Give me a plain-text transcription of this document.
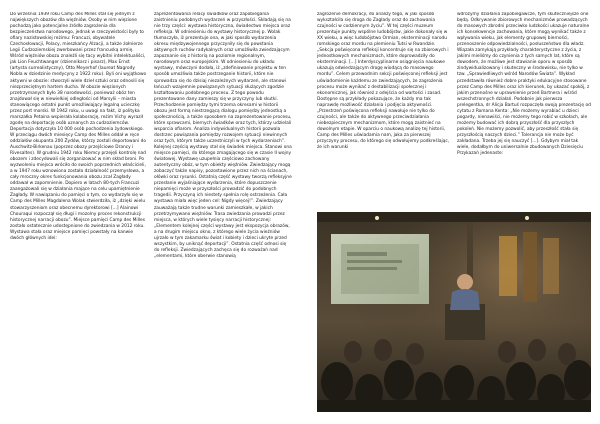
Do września 1939 roku Camp des Milles stał się jednym z największych obozów dla więźniów. Osoby w nim więzione pochodzą jako potencjalne źródło zagrożenia dla bezpieczeństwa narodowego, jednak w rzeczywistości były to ofiary nazistowskiej reżimu: Francuzi, obywatele Czechosłowacji, Polacy, mieszkańcy Alzacji, a także żołnierze Legii Cudzoziemskiej zwerbowani przez francuską armię. Wśród więźniów obozu znaleźli się tacy wybitni intelektualiści, jak Lion Feuchtwanger (dziennikarz i pisarz), Max Ernst (artysta surrealistyczny), Otto Meyerhof (laureat Nagrody Nobla w dziedzinie medycyny z 1922 roku). Byli oni wyjątkowo aktywni w obozie: stworzyli wiele dzieł sztuki oraz odnosili się niezprzeciętnym hartem ducha. W obozie więzionych przetrzymanych było 38 narodowości, ponieważ obóz ten znajdował się w niewielkiej odległości od Marsylii – miasta stanowiącego ostatni punkt umożliwiający legalną ucieczkę przez port morski. W 1942 roku, u uwagi na fakt, iż polityka marszałka Petaina wspierała kolaborację, reżim Vichy wyraził zgodę na deportację osób uznanych za cudzoziemców. Deportacja dotyczyła 10 000 osób pochodzenia żydowskiego. W przeciągu dwóch miesięcy Camp des Milles oddał w ręce oddziałów okupanta 200 Żydów, którzy zostali deportowani do Auschwitz-Birkenau (poprzez obozy przejściowe Drancy i Rivesaltes). W grudniu 1942 roku Niemcy przejęli kontrolę nad obozem i zdecydowali się zorganizować w nim skład broni. Po wyzwoleniu miejsca wróciło do swoich poprzednich właścicieli, a w 1947 roku wznowiona została działalność przemysłowa, a cały mroczny okres funkcjonowania obozu zcał Zagłady oddawał w zapomnienie. Dopiero w latach 80-tych Francuzi zaangażowali się w działania mające na celu upamiętnienie Zagłady. W nawiązaniu do pamięci o tym, co wydarzyło się w Camp des Milles Magdalena Wolak stwierdziła, iż „dzięki wielu stowarzyszeniom oraz obecnemu dyrektorowi [...] Alainowi Chouraqui rozpoczął się długi i mozolny proces rekonstrukcji historycznej narracji obozu”. Miejsce pamięci Camp des Milles zostało ostatecznie udostępnione do zwiedzania w 2012 roku. Wystawa stała oraz miejsce pamięci powstały na kanwie dwóch głównych idei:

zaprezentowania relacji świadków oraz zapobiegania zaistnieniu podobnych wydarzeń w przyszłości. Składają się na nie trzy części: wystawa historyczna, świadectwo miejsca oraz refleksja. W odniesieniu do wystawy historycznej p. Wolak tłumaczyła, iż prezentuje ona, w jaki sposób wydarzenia okresu międzywojennego przyczyniły się do powstania aktywnych ruchów radykalnych oraz umożliwiła zwiedzającym zapoznanie się z historią na poziomie regionalnym, narodowym oraz europejskim. W odniesieniu do układu wystawy, mówczyni dodała, iż „zdefiniowanie projektu w ten sposób umożliwia także postrzeganie historii, które nie sprowadza się do dzisiaj niezależnych wydarzeń, ale stanowi łańcuch wzajemnie powiązanych sytuacji służących zgodzie kształtowaniu podobnego procesu. Z tego powodu prezentowane dany zamieszy się w przyczyny lub skutki. Przechodzenie pomiędzy tymi trzema okresami w historii obozu jest formą niestrzegącą dialogu pomiędzy jednostką a społecznością, a także sposobem na zaprezentowanie procesu, które sprawcami, biernych świadków oraz tych, którzy udzielali wsparcia ofiarom. Analiza indywidualnych historii pozwala dostrzec powiązania pomiędzy rozwojem sytuacji niewinnych oraz tych, którym także uczestniczyli w tych wydarzeniach”. Kolejnej częścią wystawy stał się świadek miejsca. Stanowi ona miejsce pamięci, do którego zmagającego się w czasie II wojny światowej. Wystawę uzupełnia częściowo zachowany autentyczny obóz, w tym obiekty więźniów. Zwiedzający mogą zobaczyć także napisy, pozostawione przez nich na ścianach, ołówki oraz rysunki. Ostatnią część wystawy tworzą refleksyjne przesłanie wyjaśniające wydarzenia, które dopuszczenie niepamięci może w przyszłości prowadzić do podobnych tragedii. Przyczyną ich niestety spełnia rolę ostrzeżenia. Cała wystawa miała więc jeden cel: Nigdy więcej!”. Zwiedzający zauważają także trudne warunki zamieszkałe, w jakich przetrzymywano więźniów. Trasa zwiedzania prowadzi przez miejsca, w których wiele tysięcy narracji historycznej: „Elementem kolejnej części wystawy jest ekspozycja obrazów, a na drugim miejscu okno, z którego wiele życia wieźniów ujrzało w tym zakamarku świat i kobiety i dzieci ukryte przed wszystkim, by uniknąć deportacji”. Ostatnia część odnosi się do refleksji. Zwiedzających zachęca się do rozważań nad „elementami, które oberwie stanowią

zagrożenie demokracji, do analizy tego, w jaki sposób wykształciła się droga do Zagłady oraz do zachowania czujności w codziennym życiu”. W tej części muzeum prezentuje punkty wspólne ludobójstw, jakie dokonały się w XX wieku, a więc ludobójstwo Ormian, eksterminacji narodu romskiego oraz mordu na plemieniu Tutsi w Rwandzie. „Sekcja poświęcona refleksji koncentruje się na zbiorowych i jednostkowych mechanizmach, które doprowadziły do eksterminacji. [...] Interdyscyplinarne osiągnięcia naukowe ukazują odwiedzającym drogę wiodącą do masowego mordu”. Celem przewodnim sekcji poświęconej refleksji jest uświadomienie każdemu ze zwiedzających, że zagrożenia procesu może wynikać z destabilizacji społecznej i ekonomicznej, jak również z odejścia od wartości i zasad. Dostępne są przykłady pokazujące, że każdy ma tak naprawdę możliwość działania i podjęcia aktywności. „Przestrzeń poświęcona refleksji nawołuje nie tylko do czujności, ale także do aktywnego przeciwdziałania niebezpiecznym mechanizmom, które mogą zaistnieć na dowolnym etapie. W oparciu o naukową analizę tej historii, Camp des Milles uświadamia nam, jaka za pierwszej przyczyny procesu, do którego się odwołujemy podkreślając, że ich warunki

wdrożymy działania zapobiegawcze, tym skuteczniejsze one będą. Odkrywanie zbiorowych mechanizmów prowadzących do masowych zbrodni przeciwko ludzkości ukazuje naturalne ich konsekwencje zachowania, które mogą wynikać także z wpływania wieku, jak elementy grupowej bierności, przenoszenie odpowiedzialności, posłuszeństwo dla władz. Wiązała zamykają przykłady charakterystyczne z życia, z jakimi mieliśmy do czynienia z tych samych lat, które są dowodem, że możliwe jest stawianie oporu w sposób zindywidualizowany i skuteczny w środowisku, nie tylko w tzw. „Sprawiedliwych wśród Narodów Świata”. Wykład przedstawiła również dobre praktyki edukacyjne stosowane przez Camp des Milles oraz ich kierunek, by ukazać spokój, z jakim przenośne w uprawnienie przed Bartnera i wśród wszechstronnych działań. Podobnie jak pierwsza prelegentka, dr Alicja Bartuś rozpoczęła swoją prezentację od cytatu z Romana Kenta: „Nie możemy wyrabiać u dzieci pogardy, nienawiści, nie możemy tego robić w szkołach, ale możemy budować ich dobrą przyszłość dla przyszłych pokoleń. Nie możemy pozwolić, aby przeszłość stała się przyszłością naszych dzieci.” Tolerancja nie może być zakładana. Trzeba jej się nauczyć [...]. Gdybym miał tak wiele, dodałbym do uniwersalnie zbudowanych Dziesięciu Przykazań jedenaste:
